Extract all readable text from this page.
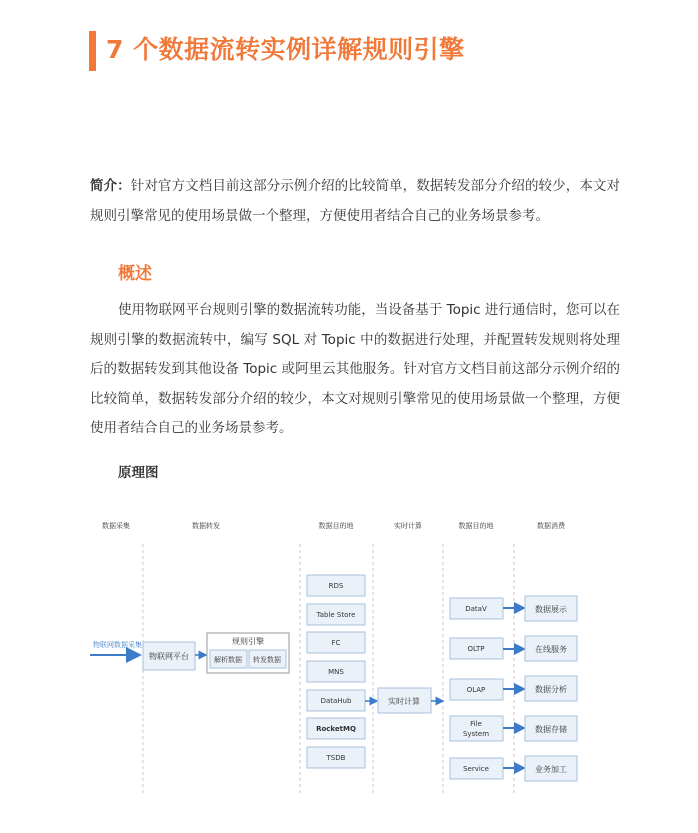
7 个数据流转实例详解规则引擎
简介：针对官方文档目前这部分示例介绍的比较简单，数据转发部分介绍的较少，本文对规则引擎常见的使用场景做一个整理，方便使用者结合自己的业务场景参考。
概述
使用物联网平台规则引擎的数据流转功能，当设备基于 Topic 进行通信时，您可以在规则引擎的数据流转中，编写 SQL 对 Topic 中的数据进行处理，并配置转发规则将处理后的数据转发到其他设备 Topic 或阿里云其他服务。针对官方文档目前这部分示例介绍的比较简单，数据转发部分介绍的较少，本文对规则引擎常见的使用场景做一个整理，方便使用者结合自己的业务场景参考。
原理图
数据采集	数据转发	数据目的地	实时计算	数据目的地	数据消费
物联网数据采集
物联网平台
规则引擎
解析数据 转发数据
RDS
Table Store
FC
MNS
DataHub
RocketMQ
TSDB
实时计算
DataV
OLTP
OLAP
File
System
Service
数据展示
在线服务
数据分析
数据存储
业务加工
